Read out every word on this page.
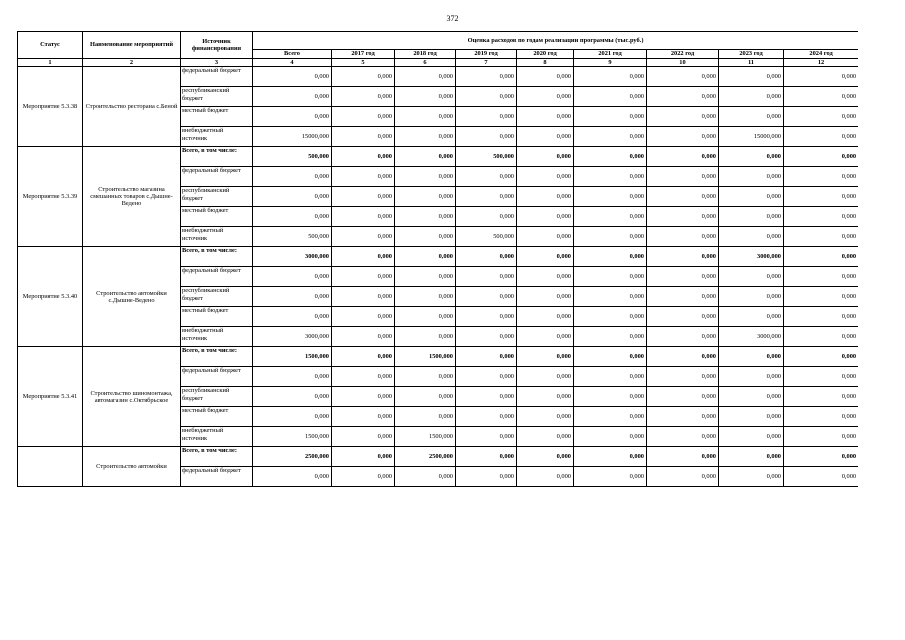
372
Статус	Наименование мероприятий	Источник финансирования	Оценка расходов по годам реализации программы (тыс.руб.)								
			Всего	2017 год	2018 год	2019 год	2020 год	2021 год	2022 год	2023 год	2024 год
1	2	3	4	5	6	7	8	9	10	11	12
Мероприятие 5.3.38	Строительство ресторана с.Беной	федеральный бюджет	0,000	0,000	0,000	0,000	0,000	0,000	0,000	0,000	0,000
		республиканский бюджет	0,000	0,000	0,000	0,000	0,000	0,000	0,000	0,000	0,000
		местный бюджет	0,000	0,000	0,000	0,000	0,000	0,000	0,000	0,000	0,000
		внебюджетный источник	15000,000	0,000	0,000	0,000	0,000	0,000	0,000	15000,000	0,000
Мероприятие 5.3.39	Строительство магазина смешанных товаров с.Дышне-Ведено	Всего, в том числе:	500,000	0,000	0,000	500,000	0,000	0,000	0,000	0,000	0,000
		федеральный бюджет	0,000	0,000	0,000	0,000	0,000	0,000	0,000	0,000	0,000
		республиканский бюджет	0,000	0,000	0,000	0,000	0,000	0,000	0,000	0,000	0,000
		местный бюджет	0,000	0,000	0,000	0,000	0,000	0,000	0,000	0,000	0,000
		внебюджетный источник	500,000	0,000	0,000	500,000	0,000	0,000	0,000	0,000	0,000
Мероприятие 5.3.40	Строительство автомойки с.Дышне-Ведено	Всего, в том числе:	3000,000	0,000	0,000	0,000	0,000	0,000	0,000	3000,000	0,000
		федеральный бюджет	0,000	0,000	0,000	0,000	0,000	0,000	0,000	0,000	0,000
		республиканский бюджет	0,000	0,000	0,000	0,000	0,000	0,000	0,000	0,000	0,000
		местный бюджет	0,000	0,000	0,000	0,000	0,000	0,000	0,000	0,000	0,000
		внебюджетный источник	3000,000	0,000	0,000	0,000	0,000	0,000	0,000	3000,000	0,000
Мероприятие 5.3.41	Строительство шиномонтажа, автомагазин с.Октябрьское	Всего, в том числе:	1500,000	0,000	1500,000	0,000	0,000	0,000	0,000	0,000	0,000
		федеральный бюджет	0,000	0,000	0,000	0,000	0,000	0,000	0,000	0,000	0,000
		республиканский бюджет	0,000	0,000	0,000	0,000	0,000	0,000	0,000	0,000	0,000
		местный бюджет	0,000	0,000	0,000	0,000	0,000	0,000	0,000	0,000	0,000
		внебюджетный источник	1500,000	0,000	1500,000	0,000	0,000	0,000	0,000	0,000	0,000
	Строительство автомойки	Всего, в том числе:	2500,000	0,000	2500,000	0,000	0,000	0,000	0,000	0,000	0,000
		федеральный бюджет	0,000	0,000	0,000	0,000	0,000	0,000	0,000	0,000	0,000
